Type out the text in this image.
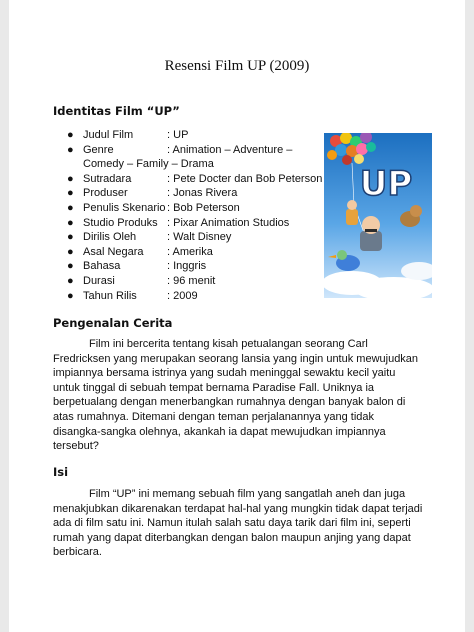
Resensi Film UP (2009)
Identitas Film “UP”
● Judul Film	: UP
● Genre	: Animation – Adventure –
Comedy – Family – Drama
● Sutradara	: Pete Docter dan Bob Peterson
● Produser	: Jonas Rivera
● Penulis Skenario: Bob Peterson
● Studio Produks : Pixar Animation Studios
● Dirilis Oleh	: Walt Disney
● Asal Negara : Amerika
● Bahasa	: Inggris
● Durasi	: 96 menit
● Tahun Rilis	: 2009
UP
Pengenalan Cerita

Film ini bercerita tentang kisah petualangan seorang Carl Fredricksen yang merupakan seorang lansia yang ingin untuk mewujudkan impiannya bersama istrinya yang sudah meninggal sewaktu kecil yaitu untuk tinggal di sebuah tempat bernama Paradise Fall. Uniknya ia berpetualang dengan menerbangkan rumahnya dengan banyak balon di atas rumahnya. Ditemani dengan teman perjalanannya yang tidak disangka-sangka olehnya, akankah ia dapat mewujudkan impiannya tersebut?

Isi

Film “UP” ini memang sebuah film yang sangatlah aneh dan juga menakjubkan dikarenakan terdapat hal-hal yang mungkin tidak dapat terjadi ada di film satu ini. Namun itulah salah satu daya tarik dari film ini, seperti rumah yang dapat diterbangkan dengan balon maupun anjing yang dapat berbicara.
